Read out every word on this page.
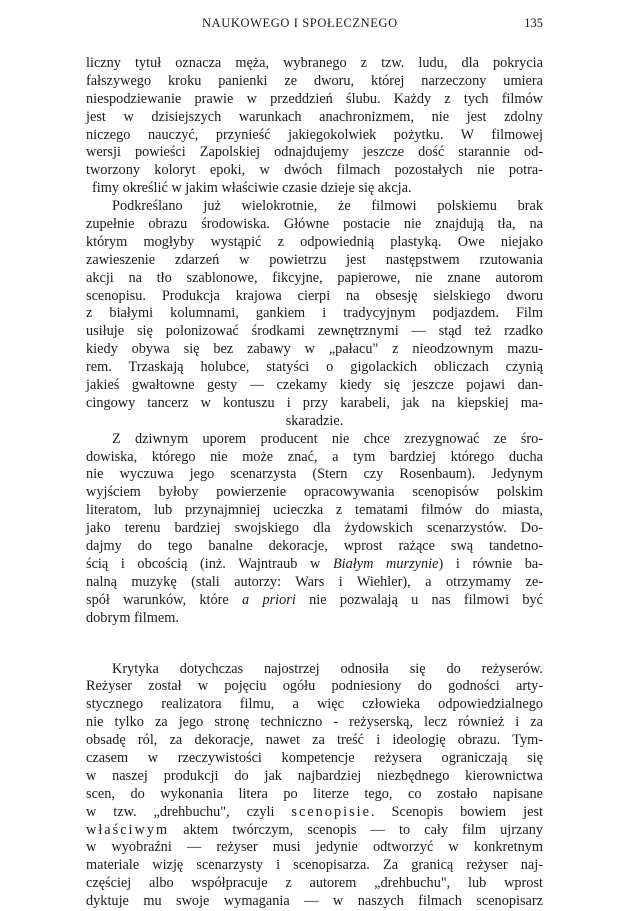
NAUKOWEGO I SPOŁECZNEGO	135
liczny tytuł oznacza męża, wybranego z tzw. ludu, dla pokrycia
fałszywego kroku panienki ze dworu, której narzeczony umiera
niespodziewanie prawie w przeddzień ślubu. Każdy z tych filmów
jest w dzisiejszych warunkach anachronizmem, nie jest zdolny
niczego nauczyć, przynieść jakiegokolwiek pożytku. W filmowej
wersji powieści Zapolskiej odnajdujemy jeszcze dość starannie od-
tworzony koloryt epoki, w dwóch filmach pozostałych nie potra-
fimy określić w jakim właściwie czasie dzieje się akcja.
Podkreślano już wielokrotnie, że filmowi polskiemu brak
zupełnie obrazu środowiska. Główne postacie nie znajdują tła, na
którym mogłyby wystąpić z odpowiednią plastyką. Owe niejako
zawieszenie zdarzeń w powietrzu jest następstwem rzutowania
akcji na tło szablonowe, fikcyjne, papierowe, nie znane autorom
scenopisu. Produkcja krajowa cierpi na obsesję sielskiego dworu
z białymi kolumnami, gankiem i tradycyjnym podjazdem. Film
usiłuje się polonizować środkami zewnętrznymi — stąd też rzadko
kiedy obywa się bez zabawy w „pałacu" z nieodzownym mazu-
rem. Trzaskają holubce, statyści o gigolackich obliczach czynią
jakieś gwałtowne gesty — czekamy kiedy się jeszcze pojawi dan-
cingowy tancerz w kontuszu i przy karabeli, jak na kiepskiej ma-
skaradzie.
Z dziwnym uporem producent nie chce zrezygnować ze śro-
dowiska, którego nie może znać, a tym bardziej którego ducha
nie wyczuwa jego scenarzysta (Stern czy Rosenbaum). Jedynym
wyjściem byłoby powierzenie opracowywania scenopisów polskim
literatom, lub przynajmniej ucieczka z tematami filmów do miasta,
jako terenu bardziej swojskiego dla żydowskich scenarzystów. Do-
dajmy do tego banalne dekoracje, wprost rażące swą tandetno-
ścią i obcością (inż. Wajntraub w Białym murzynie) i równie ba-
nalną muzykę (stali autorzy: Wars i Wiehler), a otrzymamy ze-
spół warunków, które a priori nie pozwalają u nas filmowi być
dobrym filmem.
Krytyka dotychczas najostrzej odnosiła się do reżyserów.
Reżyser został w pojęciu ogółu podniesiony do godności arty-
stycznego realizatora filmu, a więc człowieka odpowiedzialnego
nie tylko za jego stronę techniczno - reżyserską, lecz również i za
obsadę ról, za dekoracje, nawet za treść i ideologię obrazu. Tym-
czasem w rzeczywistości kompetencje reżysera ograniczają się
w naszej produkcji do jak najbardziej niezbędnego kierownictwa
scen, do wykonania litera po literze tego, co zostało napisane
w tzw. „drehbuchu", czyli scenopisie. Scenopis bowiem jest
właściwym aktem twórczym, scenopis — to cały film ujrzany
w wyobraźni — reżyser musi jedynie odtworzyć w konkretnym
materiale wizję scenarzysty i scenopisarza. Za granicą reżyser naj-
częściej albo współpracuje z autorem „drehbuchu", lub wprost
dyktuje mu swoje wymagania — w naszych filmach scenopisarz
